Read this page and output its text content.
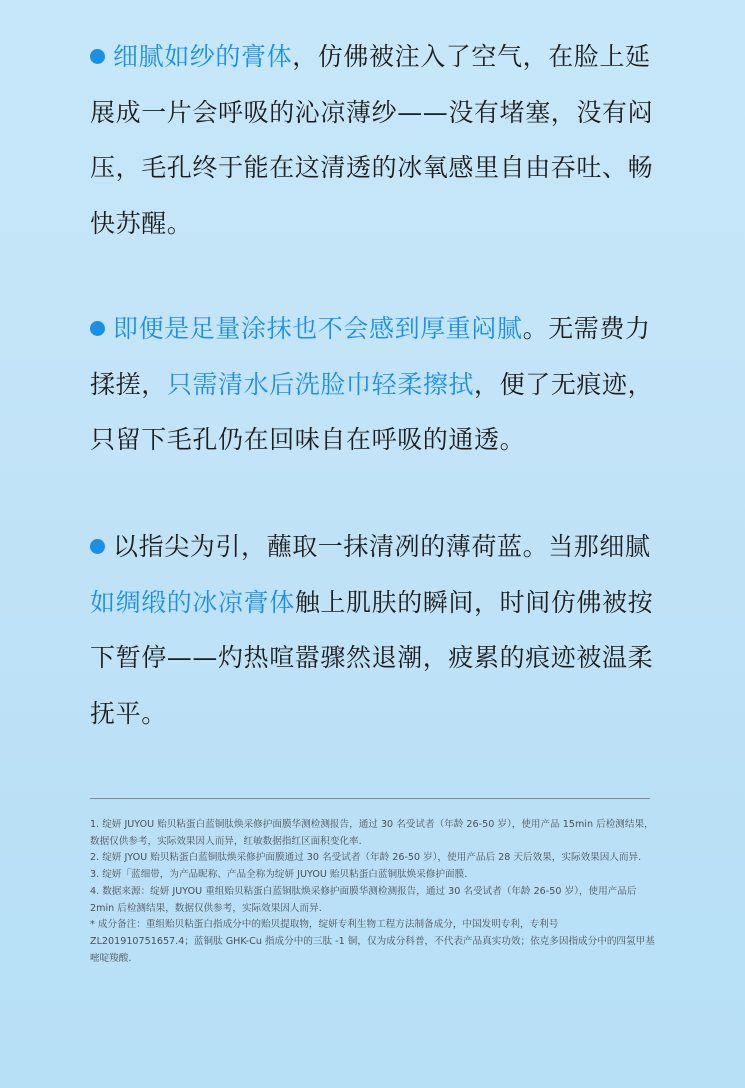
细腻如纱的膏体，仿佛被注入了空气，在脸上延展成一片会呼吸的沁凉薄纱——没有堵塞，没有闷压，毛孔终于能在这清透的冰氧感里自由吞吐、畅快苏醒。

即便是足量涂抹也不会感到厚重闷腻。无需费力揉搓，只需清水后洗脸巾轻柔擦拭，便了无痕迹，只留下毛孔仍在回味自在呼吸的通透。

以指尖为引，蘸取一抹清冽的薄荷蓝。当那细腻如绸缎的冰凉膏体触上肌肤的瞬间，时间仿佛被按下暂停——灼热喧嚣骤然退潮，疲累的痕迹被温柔抚平。

1. 绽妍 JUYOU 贻贝粘蛋白蓝铜肽焕采修护面膜华测检测报告，通过 30 名受试者（年龄 26-50 岁），使用产品 15min 后检测结果，数据仅供参考，实际效果因人而异，红敏数据指红区面积变化率.

2. 绽妍 JYOU 贻贝粘蛋白蓝铜肽焕采修护面膜通过 30 名受试者（年龄 26-50 岁），使用产品后 28 天后效果，实际效果因人而异.

3. 绽妍「蓝细带，为产品昵称、产品全称为绽妍 JUYOU 贻贝粘蛋白蓝铜肽焕采修护面膜.

4. 数据来源：绽妍 JUYOU 重组贻贝粘蛋白蓝铜肽焕采修护面膜华测检测报告，通过 30 名受试者（年龄 26-50 岁），使用产品后 2min 后检测结果，数据仅供参考，实际效果因人而异.

* 成分备注：重组贻贝粘蛋白指成分中的贻贝提取物，绽妍专利生物工程方法制备成分，中国发明专利，专利号 ZL201910751657.4；蓝铜肽 GHK-Cu 指成分中的三肽 -1 铜，仅为成分科普，不代表产品真实功效；依克多因指成分中的四氢甲基嘧啶羧酸.
